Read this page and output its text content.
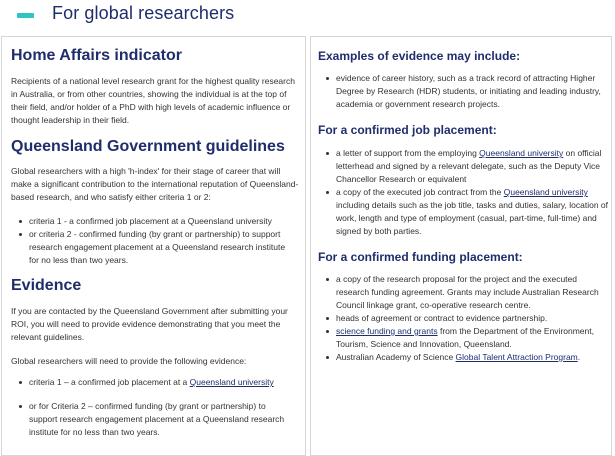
For global researchers
Home Affairs indicator

Recipients of a national level research grant for the highest quality research in Australia, or from other countries, showing the individual is at the top of their field, and/or holder of a PhD with high levels of academic influence or thought leadership in their field.

Queensland Government guidelines

Global researchers with a high 'h-index' for their stage of career that will make a significant contribution to the international reputation of Queensland-based research, and who satisfy either criteria 1 or 2:

criteria 1 - a confirmed job placement at a Queensland university
or criteria 2 - confirmed funding (by grant or partnership) to support research engagement placement at a Queensland research institute for no less than two years.
Evidence

If you are contacted by the Queensland Government after submitting your ROI, you will need to provide evidence demonstrating that you meet the relevant guidelines.

Global researchers will need to provide the following evidence:

criteria 1 – a confirmed job placement at a Queensland university
or for Criteria 2 – confirmed funding (by grant or partnership) to support research engagement placement at a Queensland research institute for no less than two years.
Examples of evidence may include:
evidence of career history, such as a track record of attracting Higher Degree by Research (HDR) students, or initiating and leading industry, academia or government research projects.
For a confirmed job placement:
a letter of support from the employing Queensland university on official letterhead and signed by a relevant delegate, such as the Deputy Vice Chancellor Research or equivalent
a copy of the executed job contract from the Queensland university including details such as the job title, tasks and duties, salary, location of work, length and type of employment (casual, part-time, full-time) and signed by both parties.
For a confirmed funding placement:
a copy of the research proposal for the project and the executed research funding agreement. Grants may include Australian Research Council linkage grant, co-operative research centre.
heads of agreement or contract to evidence partnership.
science funding and grants from the Department of the Environment, Tourism, Science and Innovation, Queensland.
Australian Academy of Science Global Talent Attraction Program.
